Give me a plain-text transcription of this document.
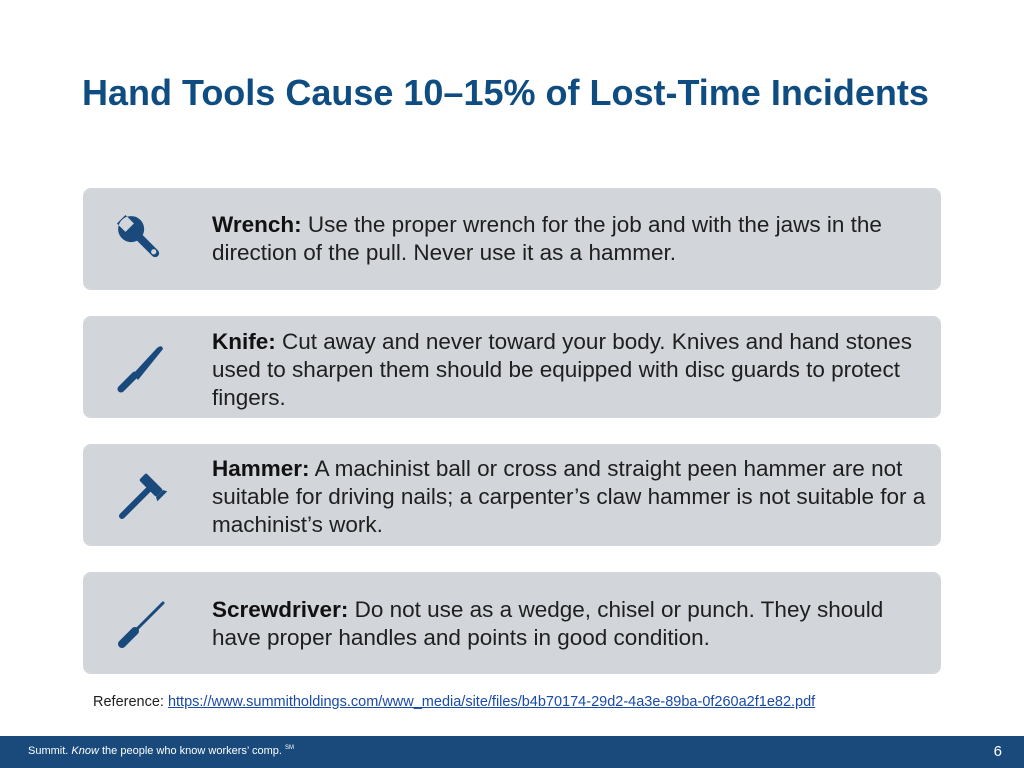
Hand Tools Cause 10–15% of Lost-Time Incidents
Wrench: Use the proper wrench for the job and with the jaws in the direction of the pull. Never use it as a hammer.
Knife: Cut away and never toward your body. Knives and hand stones used to sharpen them should be equipped with disc guards to protect fingers.
Hammer: A machinist ball or cross and straight peen hammer are not suitable for driving nails; a carpenter’s claw hammer is not suitable for a machinist’s work.
Screwdriver: Do not use as a wedge, chisel or punch. They should have proper handles and points in good condition.
Reference: https://www.summitholdings.com/www_media/site/files/b4b70174-29d2-4a3e-89ba-0f260a2f1e82.pdf
Summit. Know the people who know workers’ comp. ℠	6
